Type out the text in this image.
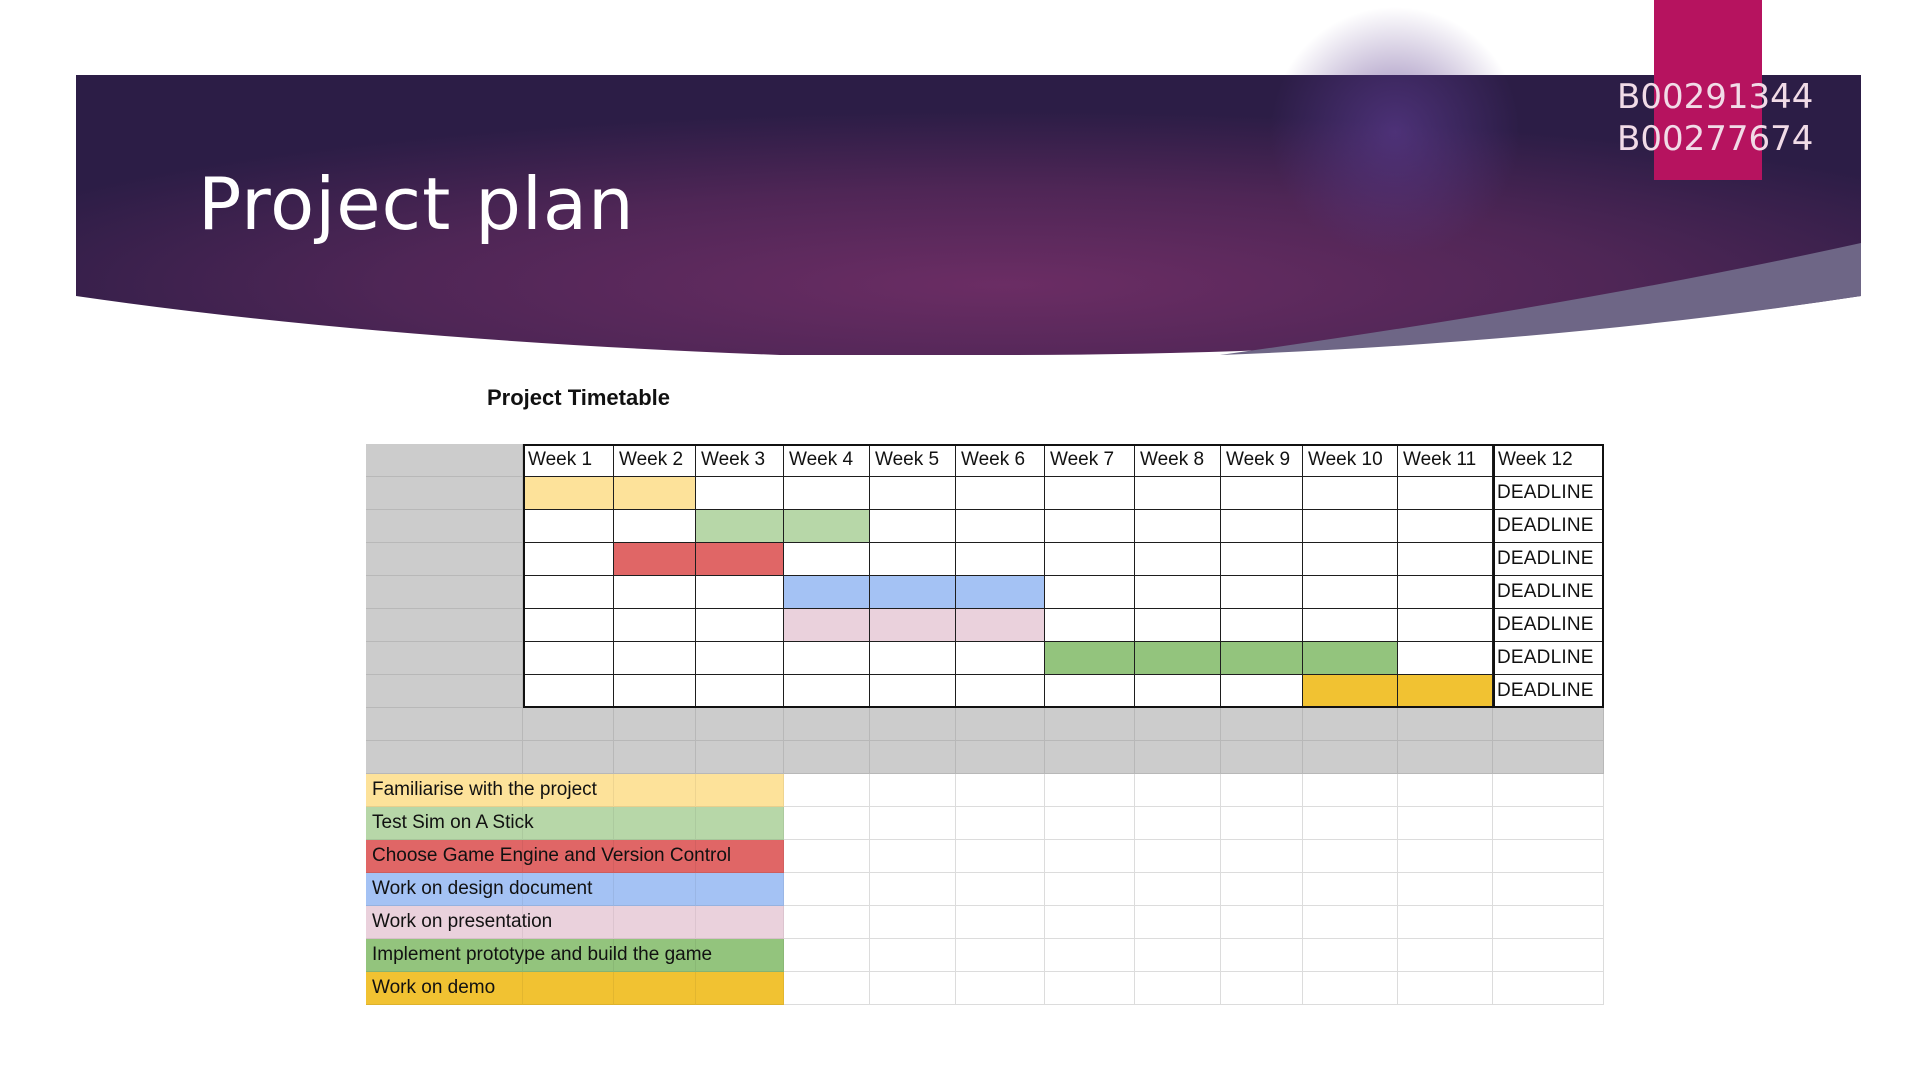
Project plan
B00291344
B00277674
Project Timetable
Week 1 Week 2 Week 3 Week 4 Week 5 Week 6 Week 7 Week 8 Week 9 Week 10 Week 11 Week 12
DEADLINE
DEADLINE
DEADLINE
DEADLINE
DEADLINE
DEADLINE
DEADLINE
Familiarise with the project
Test Sim on A Stick
Choose Game Engine and Version Control
Work on design document
Work on presentation
Implement prototype and build the game
Work on demo
